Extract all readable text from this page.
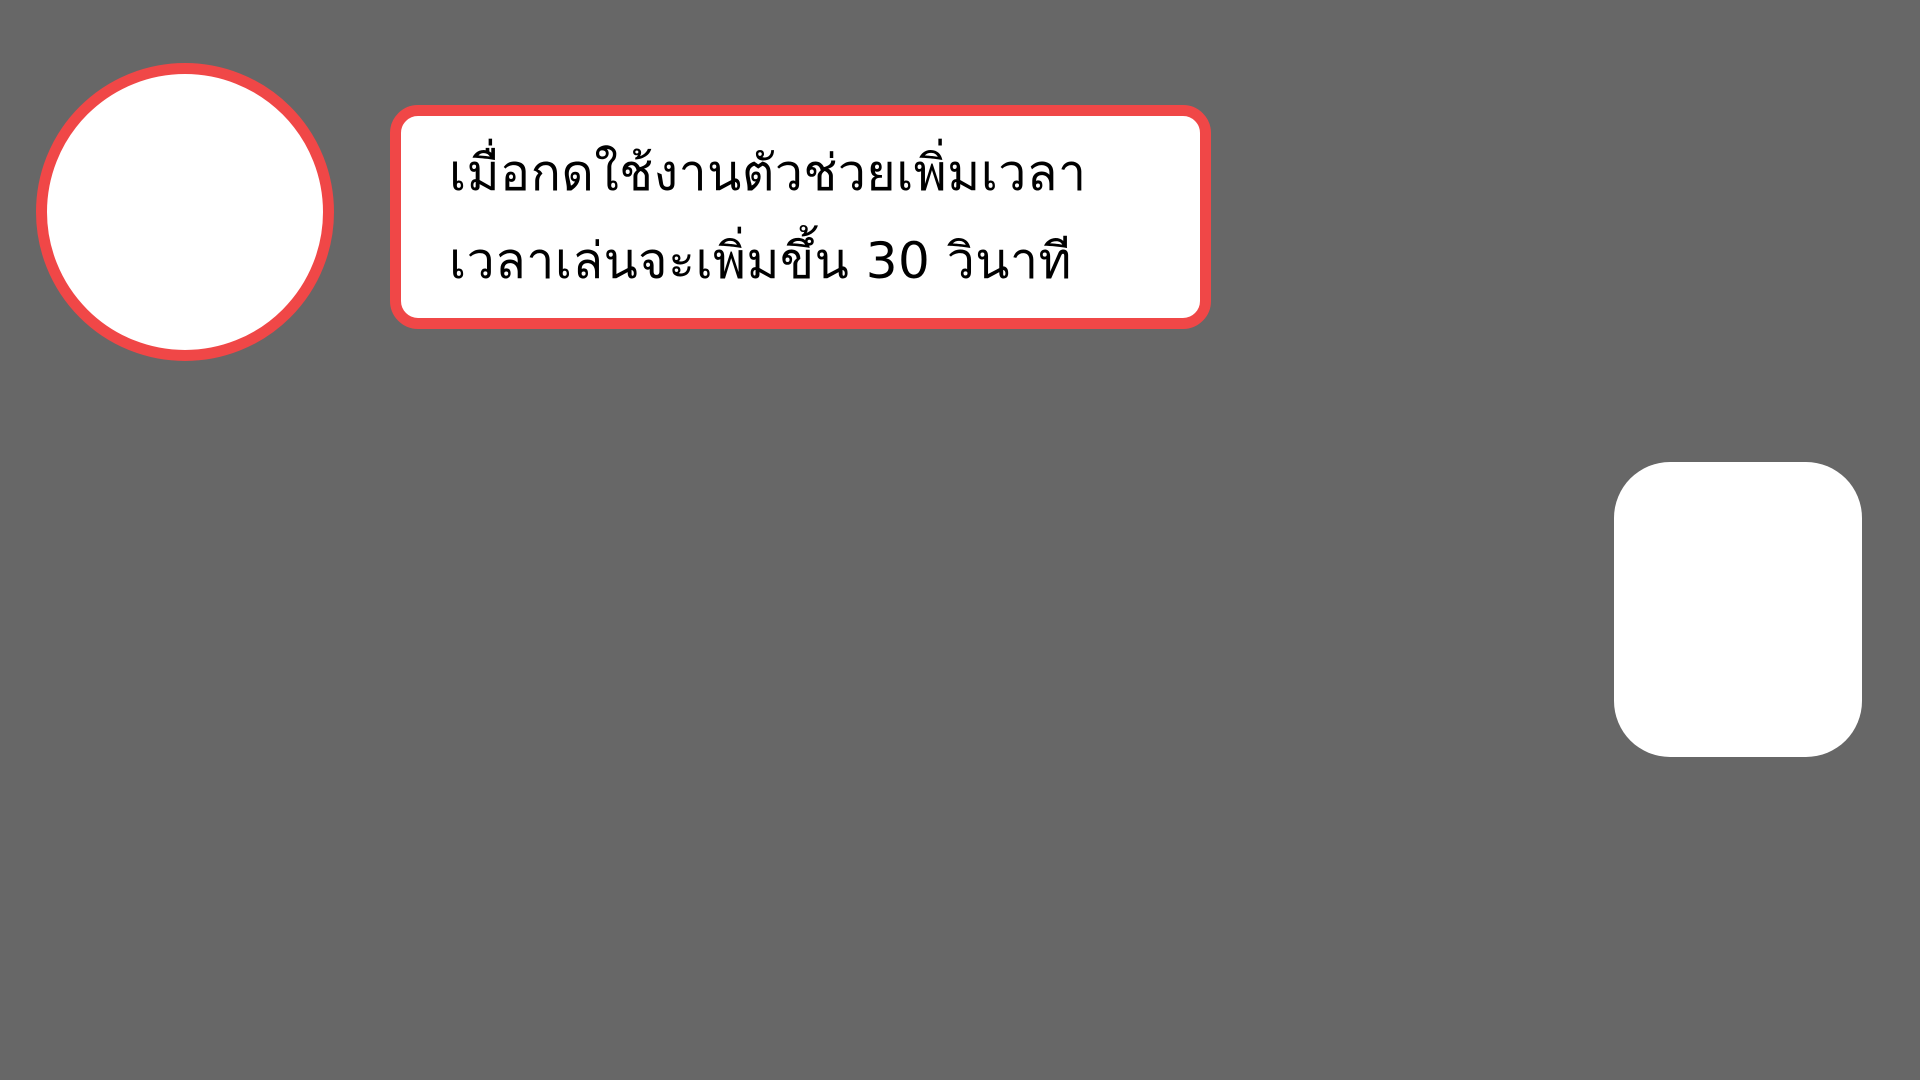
เมื่อกดใช้งานตัวช่วยเพิ่มเวลา
เวลาเล่นจะเพิ่มขึ้น 30 วินาที
